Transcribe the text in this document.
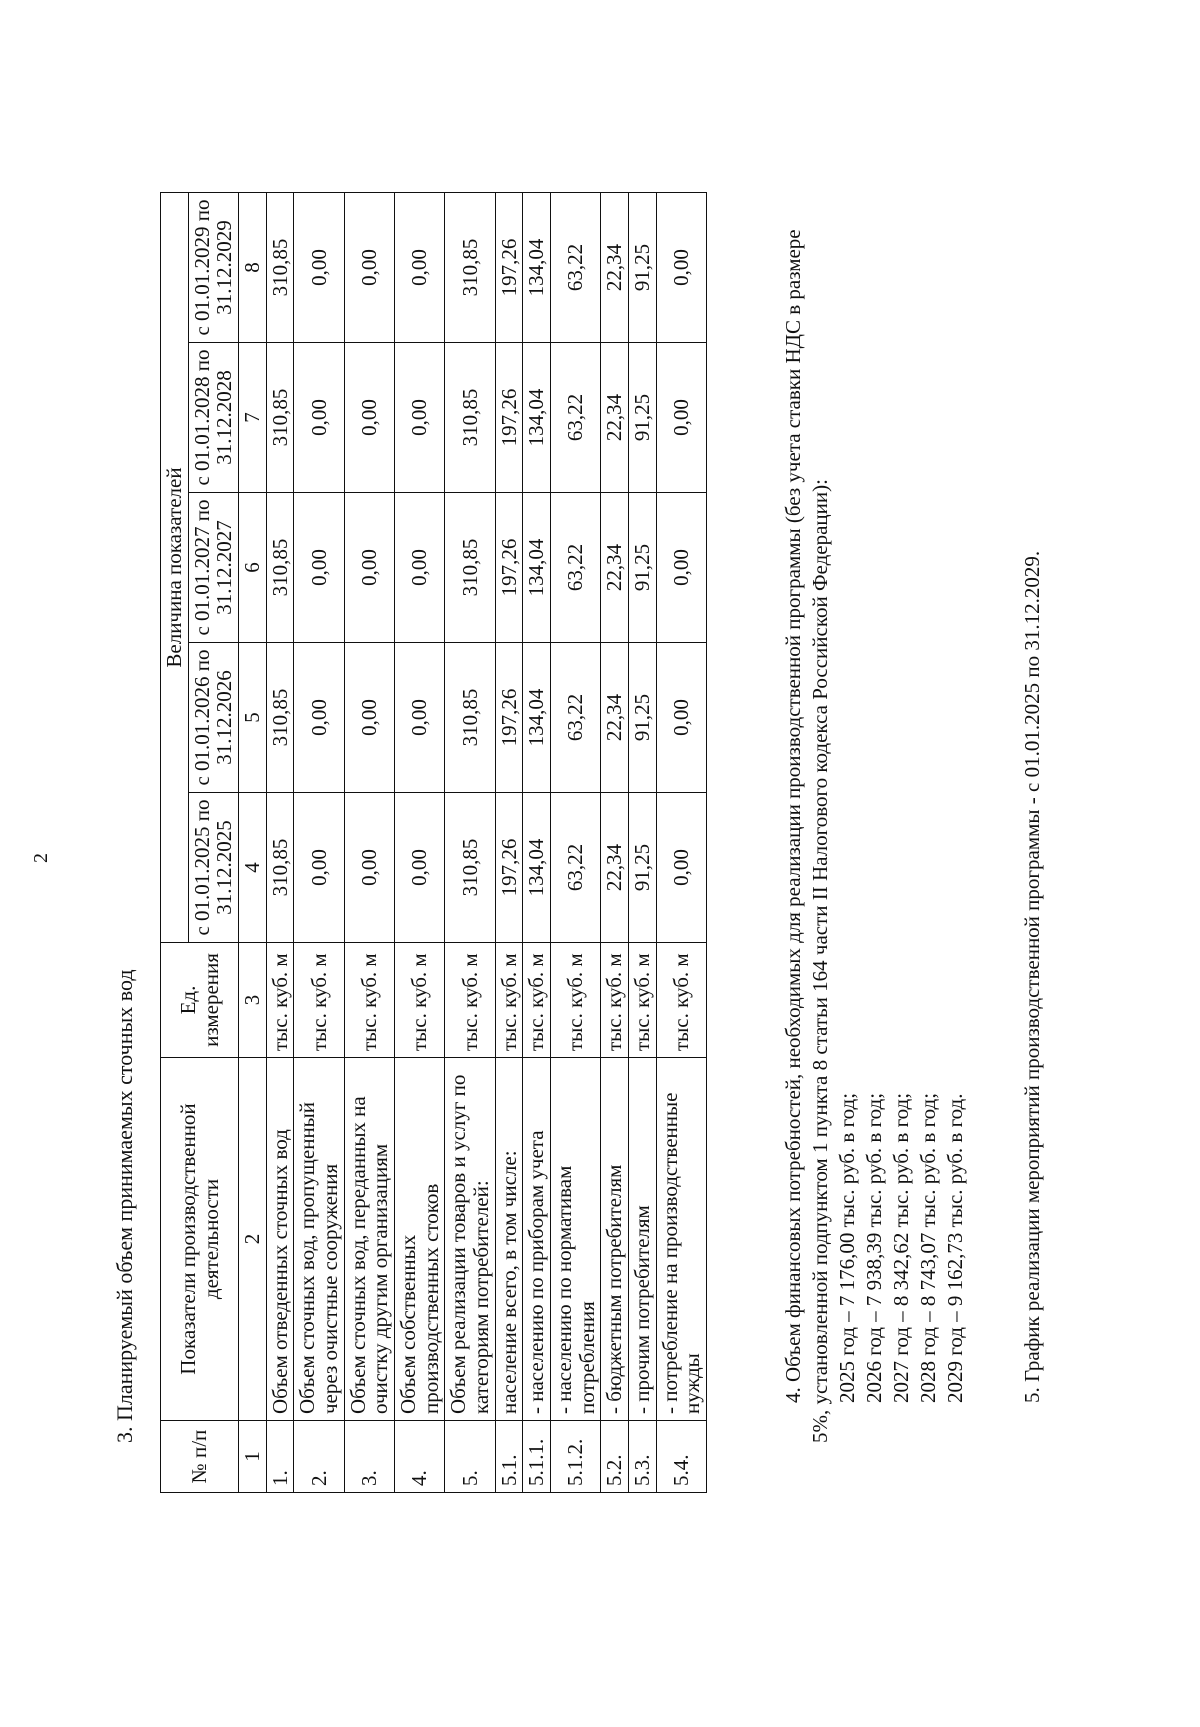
2
3. Планируемый объем принимаемых сточных вод
№ п/п	Показатели производственной деятельности	Ед. измерения	Величина показателей				
			с 01.01.2025 по 31.12.2025	с 01.01.2026 по 31.12.2026	с 01.01.2027 по 31.12.2027	с 01.01.2028 по 31.12.2028	с 01.01.2029 по 31.12.2029
1	2	3	4	5	6	7	8
1.	Объем отведенных сточных вод	тыс. куб. м	310,85	310,85	310,85	310,85	310,85
2.	Объем сточных вод, пропущенный через очистные сооружения	тыс. куб. м	0,00	0,00	0,00	0,00	0,00
3.	Объем сточных вод, переданных на очистку другим организациям	тыс. куб. м	0,00	0,00	0,00	0,00	0,00
4.	Объем собственных производственных стоков	тыс. куб. м	0,00	0,00	0,00	0,00	0,00
5.	Объем реализации товаров и услуг по категориям потребителей:	тыс. куб. м	310,85	310,85	310,85	310,85	310,85
5.1.	население всего, в том числе:	тыс. куб. м	197,26	197,26	197,26	197,26	197,26
5.1.1.	- населению по приборам учета	тыс. куб. м	134,04	134,04	134,04	134,04	134,04
5.1.2.	- населению по нормативам потребления	тыс. куб. м	63,22	63,22	63,22	63,22	63,22
5.2.	- бюджетным потребителям	тыс. куб. м	22,34	22,34	22,34	22,34	22,34
5.3.	- прочим потребителям	тыс. куб. м	91,25	91,25	91,25	91,25	91,25
5.4.	- потребление на производственные нужды	тыс. куб. м	0,00	0,00	0,00	0,00	0,00	4. Объем финансовых потребностей, необходимых для реализации производственной программы (без учета ставки НДС в размере 5%, установленной подпунктом 1 пункта 8 статьи 164 части II Налогового кодекса Российской Федерации): 2025 год – 7 176,00 тыс. руб. в год; 2026 год – 7 938,39 тыс. руб. в год; 2027 год – 8 342,62 тыс. руб. в год; 2028 год – 8 743,07 тыс. руб. в год; 2029 год – 9 162,73 тыс. руб. в год.	5. График реализации мероприятий производственной программы - с 01.01.2025 по 31.12.2029.
